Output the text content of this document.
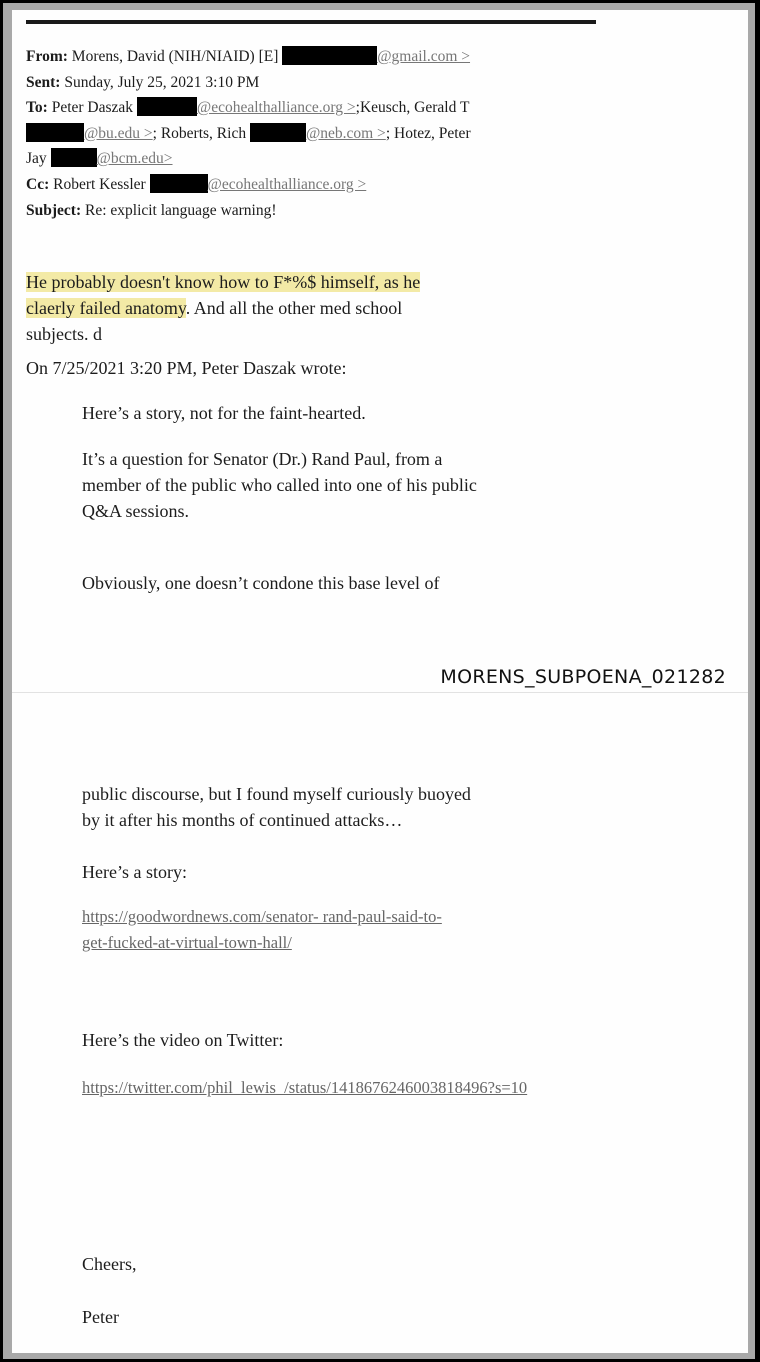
From: Morens, David (NIH/NIAID) [E]	@gmail.com >
Sent: Sunday, July 25, 2021 3:10 PM
To: Peter Daszak	@ecohealthalliance.org >;Keusch, Gerald T
@bu.edu >; Roberts, Rich	@neb.com >; Hotez, Peter
Jay	@bcm.edu>
Cc: Robert Kessler	@ecohealthalliance.org >
Subject: Re: explicit language warning!
He probably doesn't know how to F*%$ himself, as he
claerly failed anatomy. And all the other med school
subjects. d
On 7/25/2021 3:20 PM, Peter Daszak wrote:
Here’s a story, not for the faint-hearted.
It’s a question for Senator (Dr.) Rand Paul, from a
member of the public who called into one of his public
Q&A sessions.
Obviously, one doesn’t condone this base level of
MORENS_SUBPOENA_021282
public discourse, but I found myself curiously buoyed
by it after his months of continued attacks…
Here’s a story:
https://goodwordnews.com/senator- rand-paul-said-to-
get-fucked-at-virtual-town-hall/
Here’s the video on Twitter:
https://twitter.com/phil_lewis_/status/1418676246003818496?s=10
Cheers,
Peter
